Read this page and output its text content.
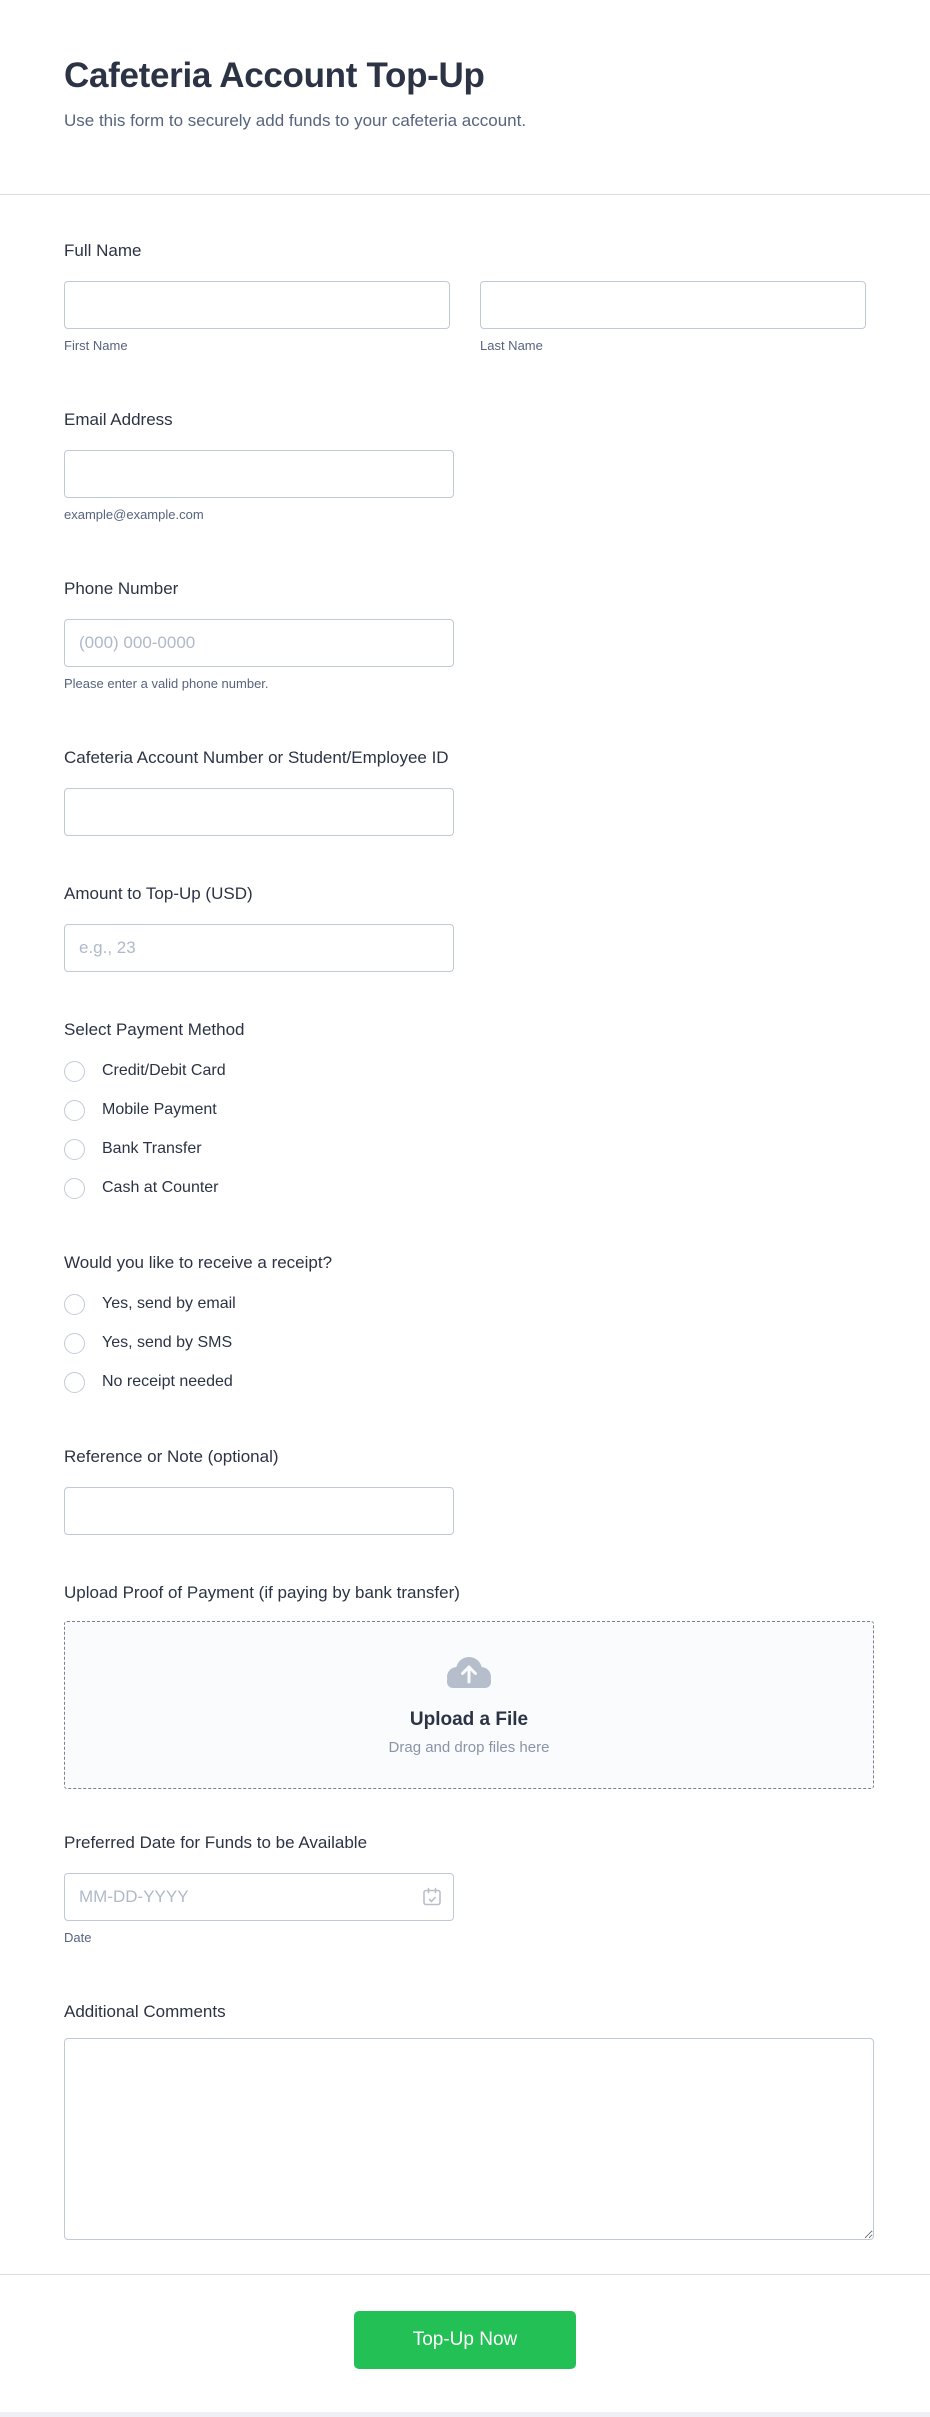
Cafeteria Account Top-Up
Use this form to securely add funds to your cafeteria account.
Full Name
First Name	Last Name
Email Address
example@example.com
Phone Number
(000) 000-0000
Please enter a valid phone number.
Cafeteria Account Number or Student/Employee ID
Amount to Top-Up (USD)
e.g., 23
Select Payment Method
Credit/Debit Card
Mobile Payment
Bank Transfer
Cash at Counter
Would you like to receive a receipt?
Yes, send by email
Yes, send by SMS
No receipt needed
Reference or Note (optional)
Upload Proof of Payment (if paying by bank transfer)
Upload a File
Drag and drop files here
Preferred Date for Funds to be Available
MM-DD-YYYY
Date
Additional Comments
Top-Up Now
